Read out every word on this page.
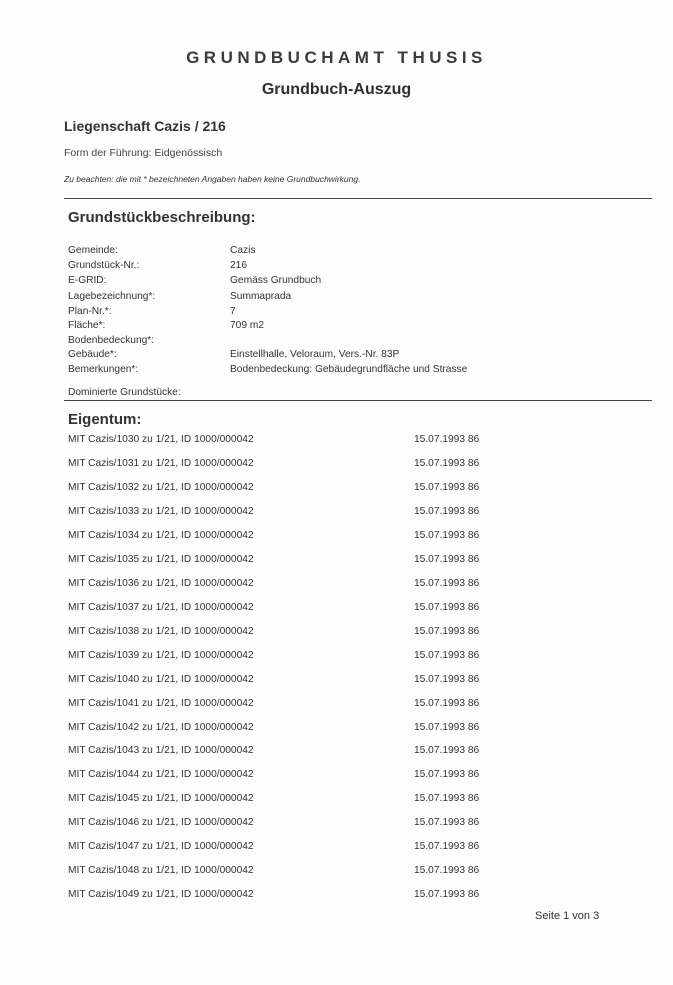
GRUNDBUCHAMT THUSIS
Grundbuch-Auszug
Liegenschaft Cazis / 216
Form der Führung: Eidgenössisch
Zu beachten: die mit * bezeichneten Angaben haben keine Grundbuchwirkung.
Grundstückbeschreibung:
Gemeinde:	Cazis
Grundstück-Nr.:	216
E-GRID:	Gemäss Grundbuch
Lagebezeichnung*:	Summaprada
Plan-Nr.*:	7
Fläche*:	709 m2
Bodenbedeckung*:
Gebäude*:	Einstellhalle, Veloraum, Vers.-Nr. 83P
Bemerkungen*:	Bodenbedeckung: Gebäudegrundfläche und Strasse
Dominierte Grundstücke:
Eigentum:
MIT Cazis/1030 zu 1/21, ID 1000/000042	15.07.1993 86
MIT Cazis/1031 zu 1/21, ID 1000/000042	15.07.1993 86
MIT Cazis/1032 zu 1/21, ID 1000/000042	15.07.1993 86
MIT Cazis/1033 zu 1/21, ID 1000/000042	15.07.1993 86
MIT Cazis/1034 zu 1/21, ID 1000/000042	15.07.1993 86
MIT Cazis/1035 zu 1/21, ID 1000/000042	15.07.1993 86
MIT Cazis/1036 zu 1/21, ID 1000/000042	15.07.1993 86
MIT Cazis/1037 zu 1/21, ID 1000/000042	15.07.1993 86
MIT Cazis/1038 zu 1/21, ID 1000/000042	15.07.1993 86
MIT Cazis/1039 zu 1/21, ID 1000/000042	15.07.1993 86
MIT Cazis/1040 zu 1/21, ID 1000/000042	15.07.1993 86
MIT Cazis/1041 zu 1/21, ID 1000/000042	15.07.1993 86
MIT Cazis/1042 zu 1/21, ID 1000/000042	15.07.1993 86
MIT Cazis/1043 zu 1/21, ID 1000/000042	15.07.1993 86
MIT Cazis/1044 zu 1/21, ID 1000/000042	15.07.1993 86
MIT Cazis/1045 zu 1/21, ID 1000/000042	15.07.1993 86
MIT Cazis/1046 zu 1/21, ID 1000/000042	15.07.1993 86
MIT Cazis/1047 zu 1/21, ID 1000/000042	15.07.1993 86
MIT Cazis/1048 zu 1/21, ID 1000/000042	15.07.1993 86
MIT Cazis/1049 zu 1/21, ID 1000/000042	15.07.1993 86
Seite 1 von 3
